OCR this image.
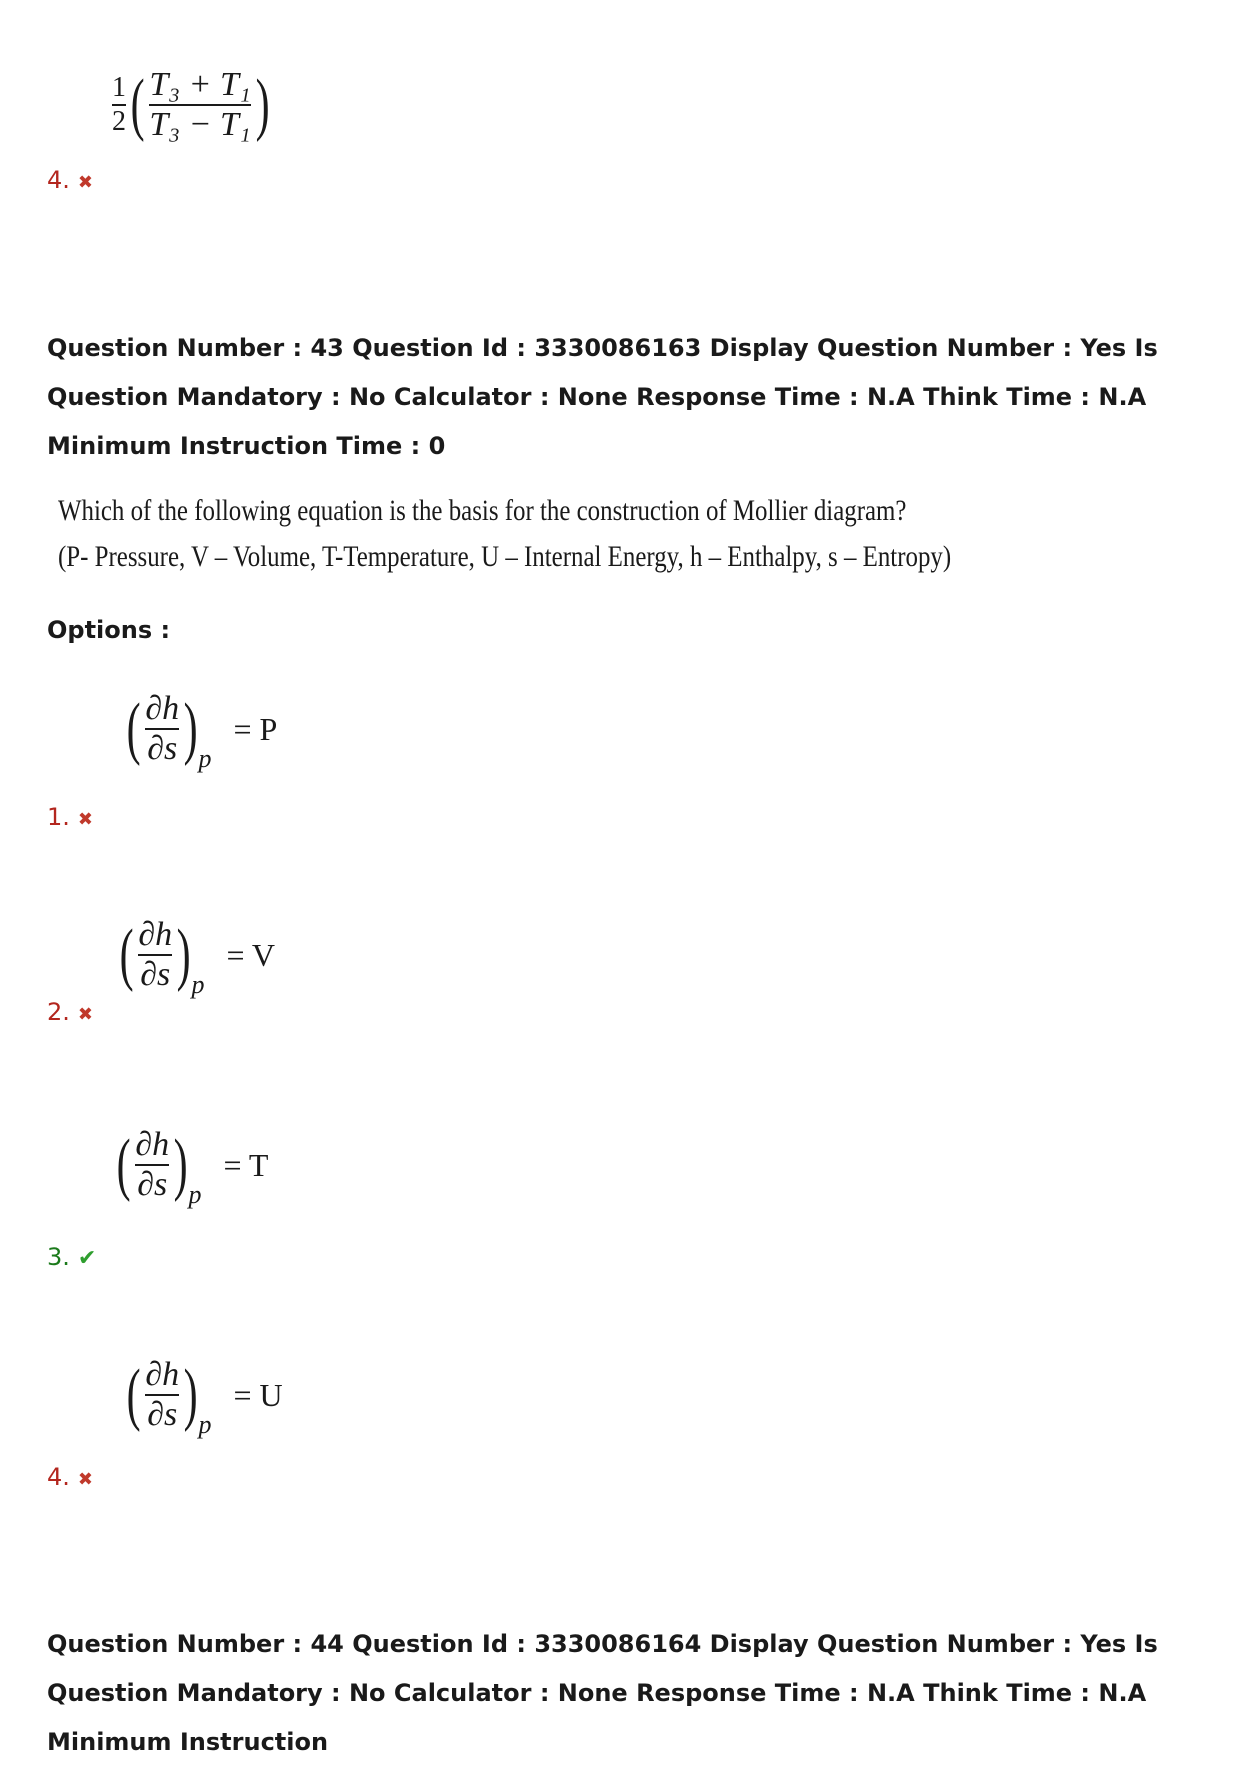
$\frac{1}{2}$ ( $\frac{\text{T₃ + T₁}}{\text{T₃ − T₁}}$ )
4. ✖
Question Number : 43 Question Id : 3330086163 Display Question Number : Yes Is Question Mandatory : No Calculator : None Response Time : N.A Think Time : N.A Minimum Instruction Time : 0
Which of the following equation is the basis for the construction of Mollier diagram?
(P- Pressure, V – Volume, T-Temperature, U – Internal Energy, h – Enthalpy, s – Entropy)
Options :
( $\frac{\partial h}{\partial s}$ ) p
= P
1. ✖
( $\frac{\partial h}{\partial s}$ ) p
= V
2. ✖
( $\frac{\partial h}{\partial s}$ ) p
= T
3. ✔
( $\frac{\partial h}{\partial s}$ ) p
= U
4. ✖
Question Number : 44 Question Id : 3330086164 Display Question Number : Yes Is Question Mandatory : No Calculator : None Response Time : N.A Think Time : N.A Minimum Instruction
